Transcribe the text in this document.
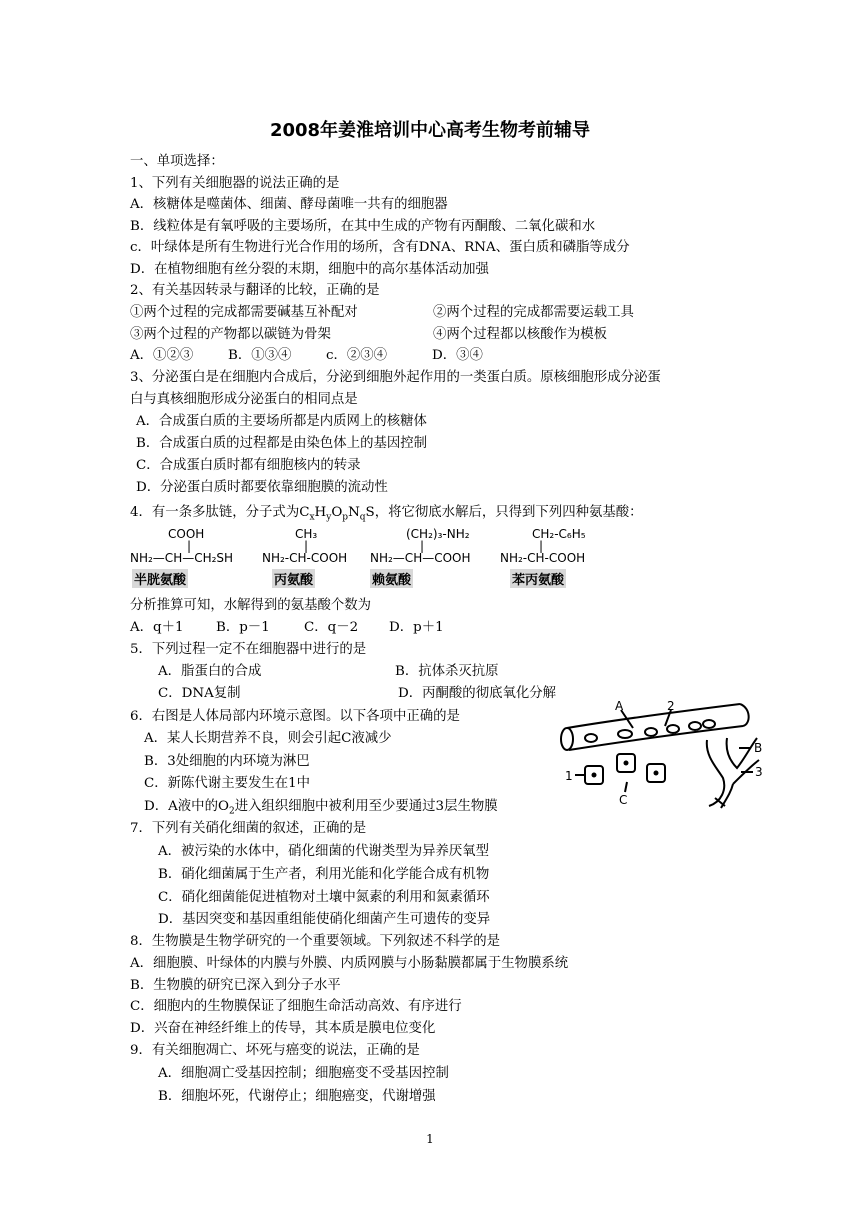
2008年姜淮培训中心高考生物考前辅导
一、单项选择：
1、下列有关细胞器的说法正确的是
A．核糖体是噬菌体、细菌、酵母菌唯一共有的细胞器
B．线粒体是有氧呼吸的主要场所，在其中生成的产物有丙酮酸、二氧化碳和水
c．叶绿体是所有生物进行光合作用的场所，含有DNA、RNA、蛋白质和磷脂等成分
D．在植物细胞有丝分裂的末期，细胞中的高尔基体活动加强
2、有关基因转录与翻译的比较，正确的是
①两个过程的完成都需要碱基互补配对	②两个过程的完成都需要运载工具
③两个过程的产物都以碳链为骨架	④两个过程都以核酸作为模板
A．①②③	B．①③④	c．②③④	D．③④
3、分泌蛋白是在细胞内合成后，分泌到细胞外起作用的一类蛋白质。原核细胞形成分泌蛋
白与真核细胞形成分泌蛋白的相同点是
A．合成蛋白质的主要场所都是内质网上的核糖体
B．合成蛋白质的过程都是由染色体上的基因控制
C．合成蛋白质时都有细胞核内的转录
D．分泌蛋白质时都要依靠细胞膜的流动性
4．有一条多肽链，分子式为$C_xH_yO_pN_qS$，将它彻底水解后，只得到下列四种氨基酸：
COOH
|
NH₂—CH—CH₂SH
半胱氨酸
CH₃
|
NH₂-CH-COOH
丙氨酸
(CH₂)₃-NH₂
|
NH₂—CH—COOH
赖氨酸
CH₂-C₆H₅
|
NH₂-CH-COOH
苯丙氨酸
分析推算可知，水解得到的氨基酸个数为
A．q＋1 B．p－1	C．q－2 D．p＋1
5．下列过程一定不在细胞器中进行的是
A．脂蛋白的合成	B．抗体杀灭抗原
C．DNA复制	D．丙酮酸的彻底氧化分解
6．右图是人体局部内环境示意图。以下各项中正确的是
A．某人长期营养不良，则会引起C液减少
B．3处细胞的内环境为淋巴
C．新陈代谢主要发生在1中
D．A液中的$O_2$进入组织细胞中被利用至少要通过3层生物膜
A	2
B
1
C
3
7．下列有关硝化细菌的叙述，正确的是
A．被污染的水体中，硝化细菌的代谢类型为异养厌氧型
B．硝化细菌属于生产者，利用光能和化学能合成有机物
C．硝化细菌能促进植物对土壤中氮素的利用和氮素循环
D．基因突变和基因重组能使硝化细菌产生可遗传的变异
8．生物膜是生物学研究的一个重要领域。下列叙述不科学的是
A．细胞膜、叶绿体的内膜与外膜、内质网膜与小肠黏膜都属于生物膜系统
B．生物膜的研究已深入到分子水平
C．细胞内的生物膜保证了细胞生命活动高效、有序进行
D．兴奋在神经纤维上的传导，其本质是膜电位变化
9．有关细胞凋亡、坏死与癌变的说法，正确的是
A．细胞凋亡受基因控制；细胞癌变不受基因控制
B．细胞坏死，代谢停止；细胞癌变，代谢增强
1
